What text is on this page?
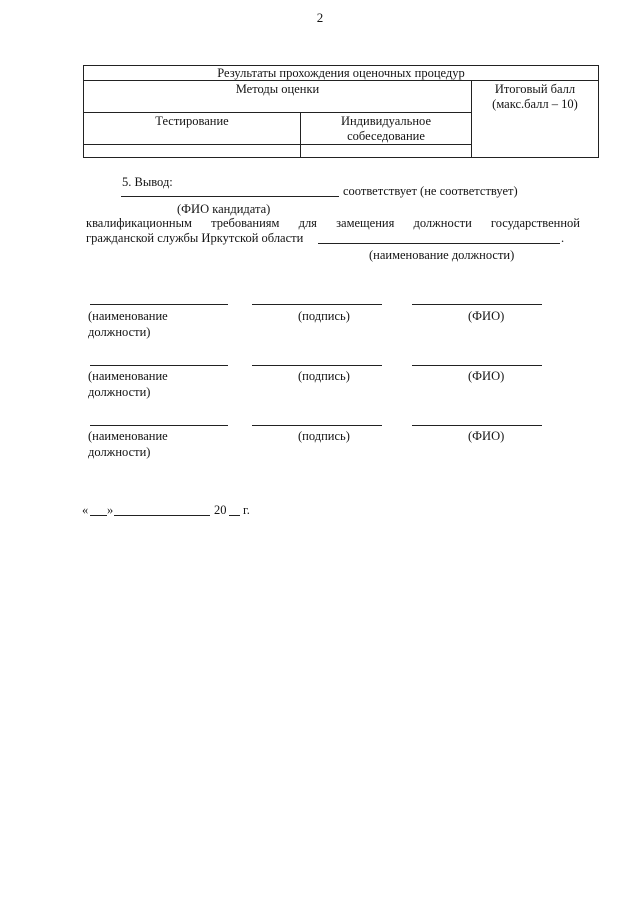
2
Результаты прохождения оценочных процедур		
Методы оценки		Итоговый балл
(макс.балл – 10)

Тестирование	Индивидуальное
собеседование	

5. Вывод:
соответствует (не соответствует)
(ФИО кандидата)
квалификационным требованиям для замещения должности государственной
гражданской службы Иркутской области	.
(наименование должности)
(наименование
должности)
(подпись)	(ФИО)
(наименование
должности)
(подпись)	(ФИО)
(наименование
должности)
(подпись)	(ФИО)
« »	20 г.
